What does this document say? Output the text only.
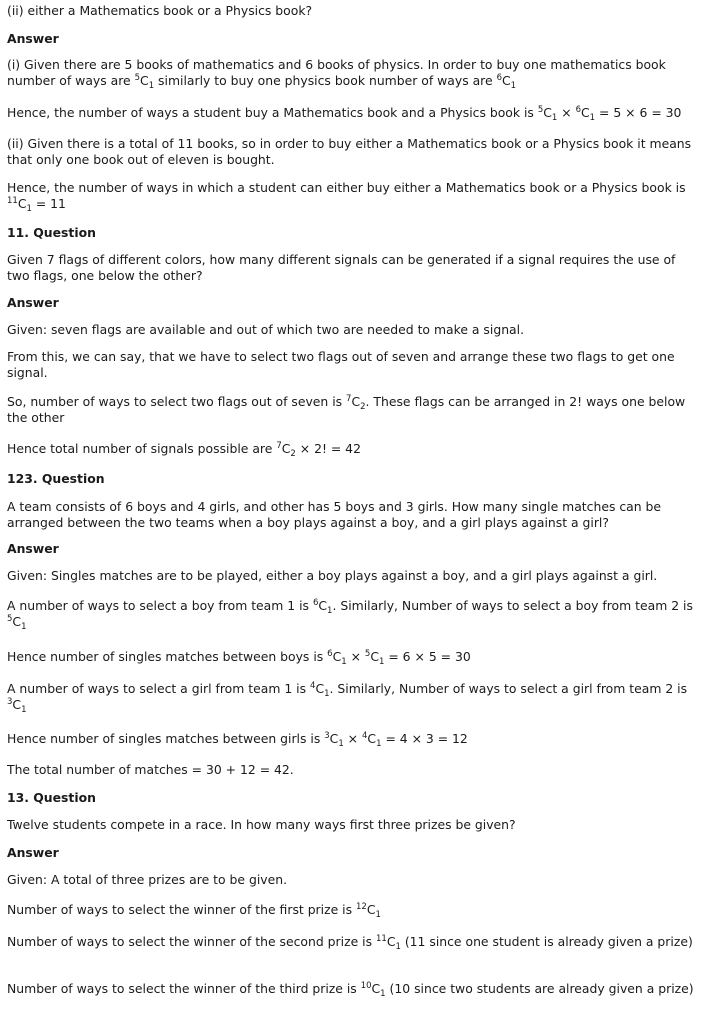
(ii) either a Mathematics book or a Physics book?

Answer

(i) Given there are 5 books of mathematics and 6 books of physics. In order to buy one mathematics book number of ways are $^5C_1$ similarly to buy one physics book number of ways are $^6C_1$

Hence, the number of ways a student buy a Mathematics book and a Physics book is $^5C_1 \times ^6C_1 = 5 \times 6 = 30$

(ii) Given there is a total of 11 books, so in order to buy either a Mathematics book or a Physics book it means that only one book out of eleven is bought.

Hence, the number of ways in which a student can either buy either a Mathematics book or a Physics book is $^{11}C_1 = 11$

11. Question

Given 7 flags of different colors, how many different signals can be generated if a signal requires the use of two flags, one below the other?

Answer

Given: seven flags are available and out of which two are needed to make a signal.

From this, we can say, that we have to select two flags out of seven and arrange these two flags to get one signal.

So, number of ways to select two flags out of seven is $^7C_2$. These flags can be arranged in 2! ways one below the other

Hence total number of signals possible are $^7C_2 \times 2$! = 42

123. Question

A team consists of 6 boys and 4 girls, and other has 5 boys and 3 girls. How many single matches can be arranged between the two teams when a boy plays against a boy, and a girl plays against a girl?

Answer

Given: Singles matches are to be played, either a boy plays against a boy, and a girl plays against a girl.

A number of ways to select a boy from team 1 is $^6C_1$. Similarly, Number of ways to select a boy from team 2 is $^5C_1$

Hence number of singles matches between boys is $^6C_1 \times ^5C_1 = 6 \times 5 = 30$

A number of ways to select a girl from team 1 is $^4C_1$. Similarly, Number of ways to select a girl from team 2 is $^3C_1$

Hence number of singles matches between girls is $^3C_1 \times ^4C_1 = 4 \times 3 = 12$

The total number of matches = 30 + 12 = 42.

13. Question

Twelve students compete in a race. In how many ways first three prizes be given?

Answer

Given: A total of three prizes are to be given.

Number of ways to select the winner of the first prize is $^{12}C_1$

Number of ways to select the winner of the second prize is $^{11}C_1$ (11 since one student is already given a prize)

Number of ways to select the winner of the third prize is $^{10}C_1$ (10 since two students are already given a prize)
